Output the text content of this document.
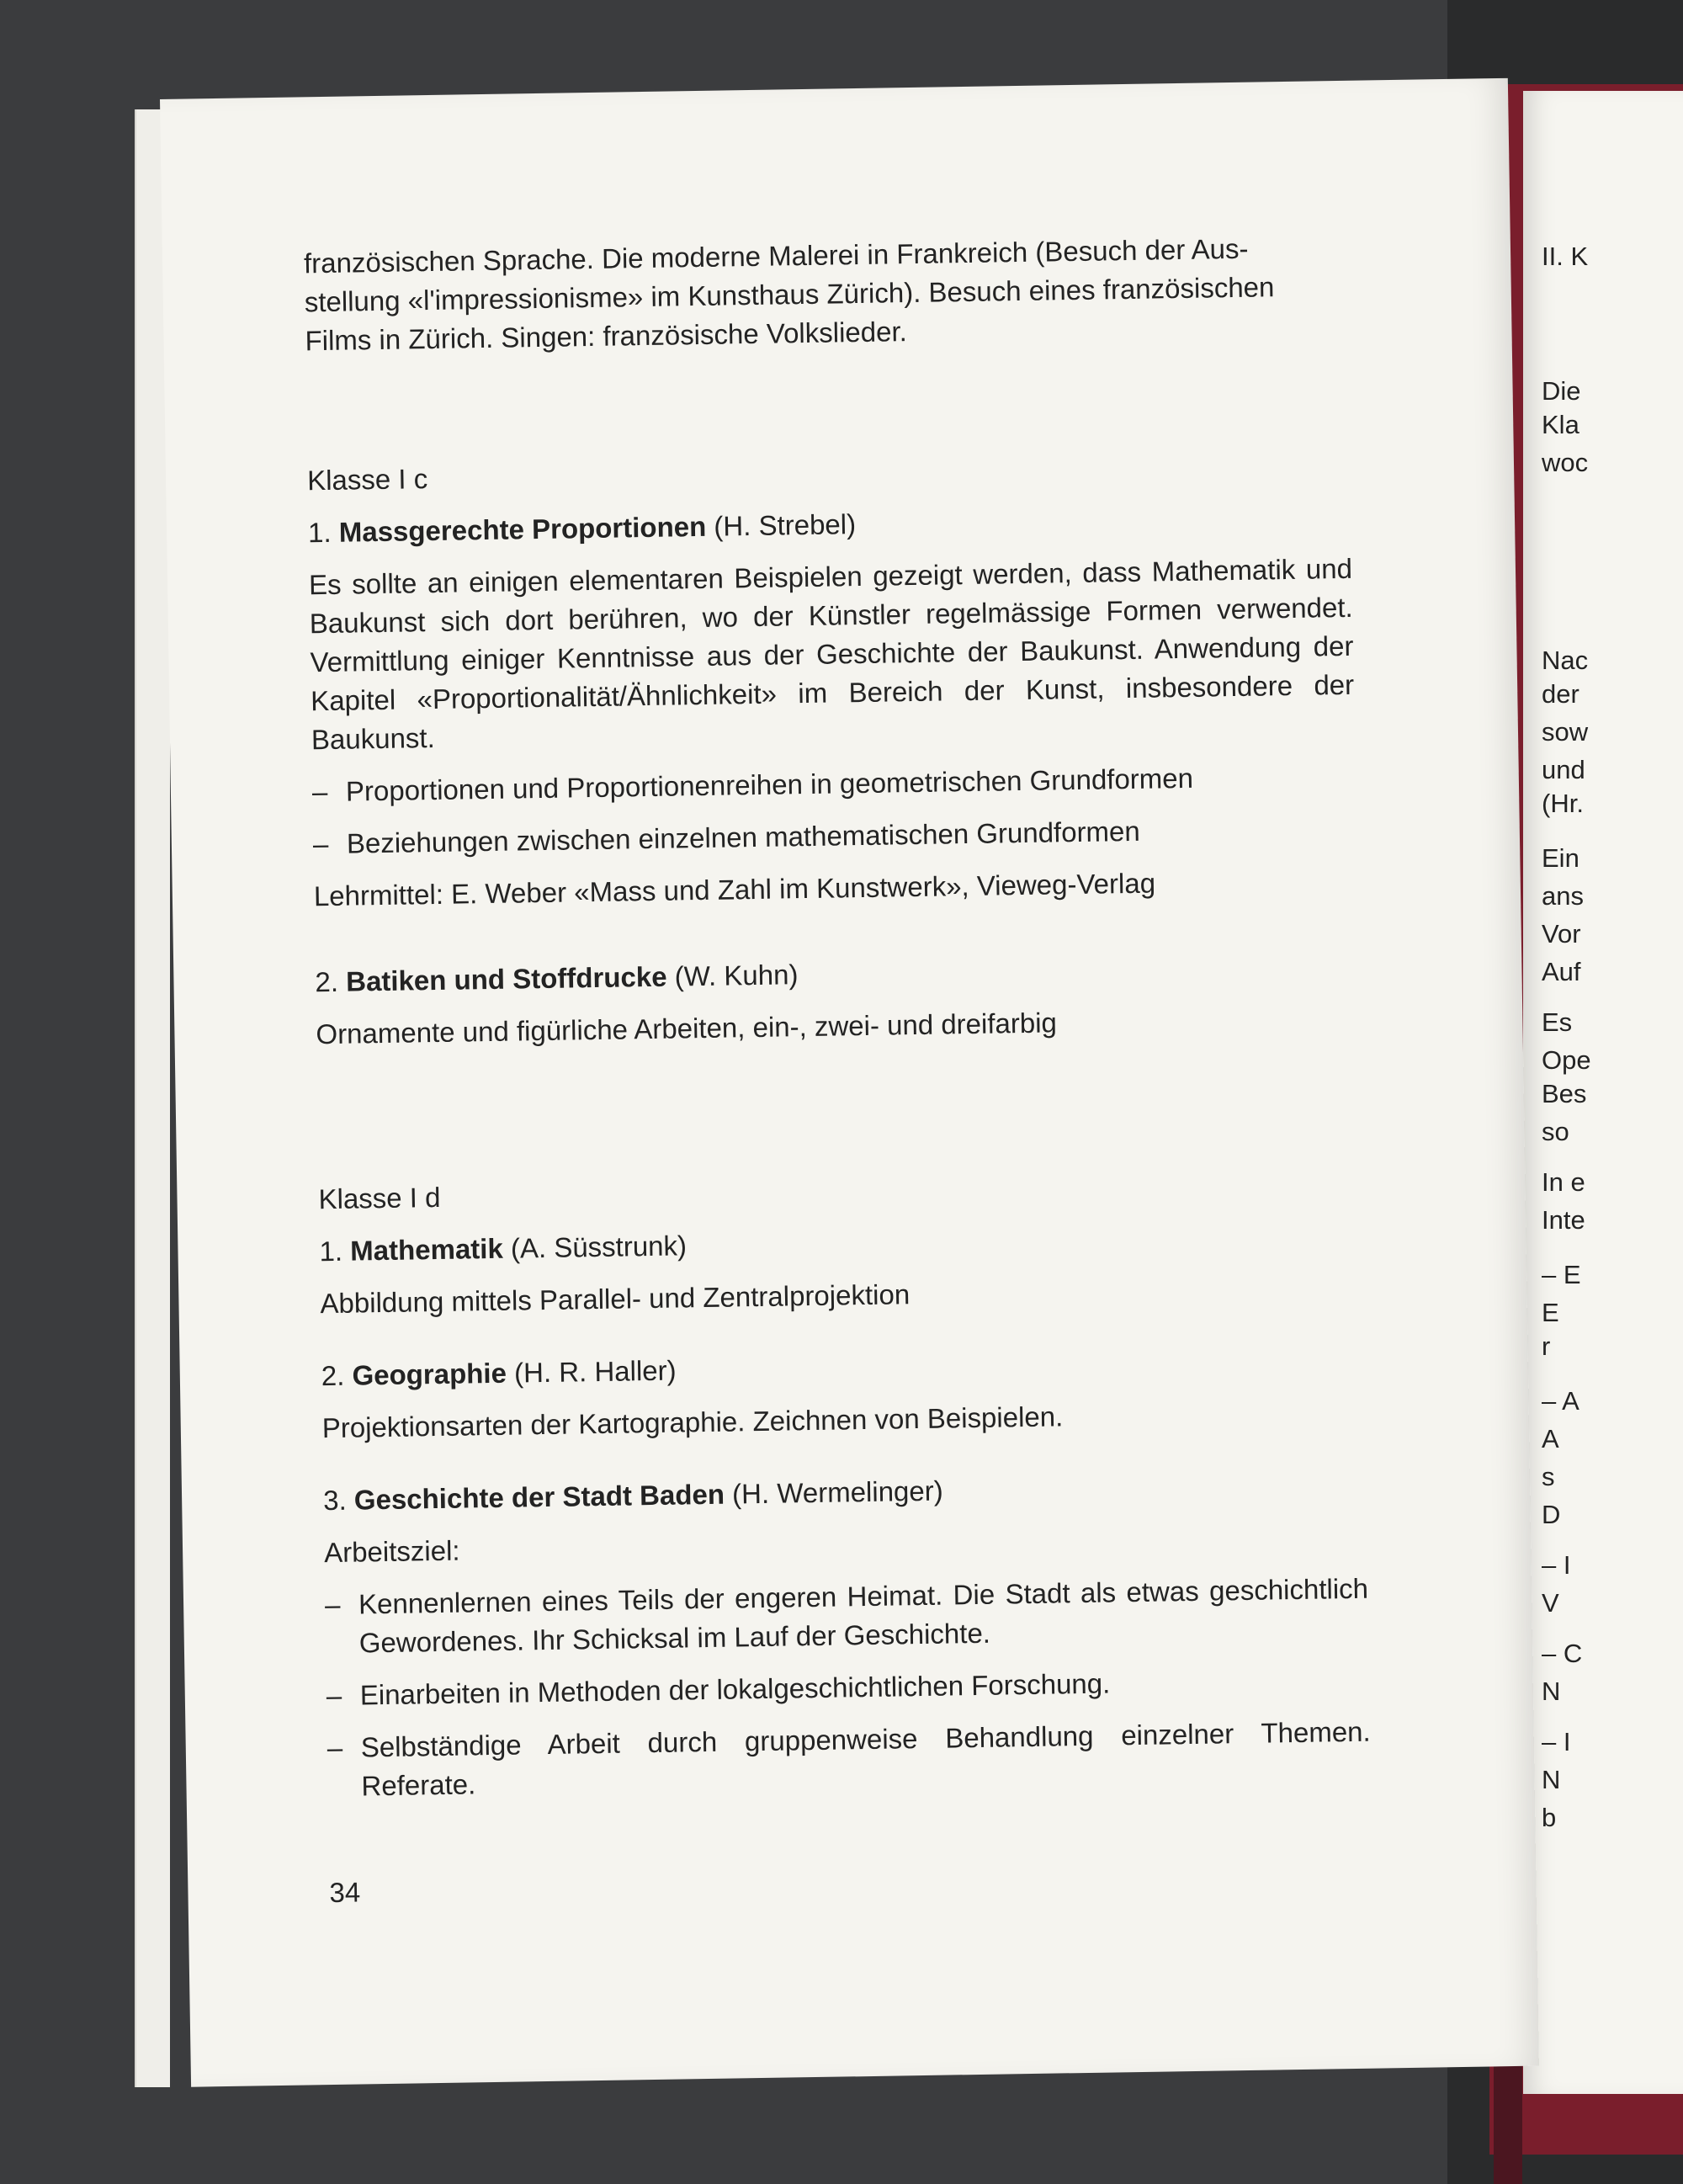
II. K
Die
Kla
woc
Nac
der
sow
und
(Hr.
Ein
ans
Vor
Auf
Es
Ope
Bes
so
In e
Inte
– E
E
r
– A
A
s
D
– I
V
– C
N
– I
N
b
französischen Sprache. Die moderne Malerei in Frankreich (Besuch der Aus-
stellung «l'impressionisme» im Kunsthaus Zürich). Besuch eines französischen
Films in Zürich. Singen: französische Volkslieder.
Klasse I c
1. Massgerechte Proportionen (H. Strebel)
Es sollte an einigen elementaren Beispielen gezeigt werden, dass Mathematik und Baukunst sich dort berühren, wo der Künstler regelmässige Formen verwendet. Vermittlung einiger Kenntnisse aus der Geschichte der Baukunst. Anwendung der Kapitel «Proportionalität/Ähnlichkeit» im Bereich der Kunst, insbesondere der Baukunst.
– Proportionen und Proportionenreihen in geometrischen Grundformen
– Beziehungen zwischen einzelnen mathematischen Grundformen
Lehrmittel: E. Weber «Mass und Zahl im Kunstwerk», Vieweg-Verlag
2. Batiken und Stoffdrucke (W. Kuhn)
Ornamente und figürliche Arbeiten, ein-, zwei- und dreifarbig
Klasse I d
1. Mathematik (A. Süsstrunk)
Abbildung mittels Parallel- und Zentralprojektion
2. Geographie (H. R. Haller)
Projektionsarten der Kartographie. Zeichnen von Beispielen.
3. Geschichte der Stadt Baden (H. Wermelinger)
Arbeitsziel:
– Kennenlernen eines Teils der engeren Heimat. Die Stadt als etwas geschichtlich Gewordenes. Ihr Schicksal im Lauf der Geschichte.
– Einarbeiten in Methoden der lokalgeschichtlichen Forschung.
– Selbständige Arbeit durch gruppenweise Behandlung einzelner Themen. Referate.
34
